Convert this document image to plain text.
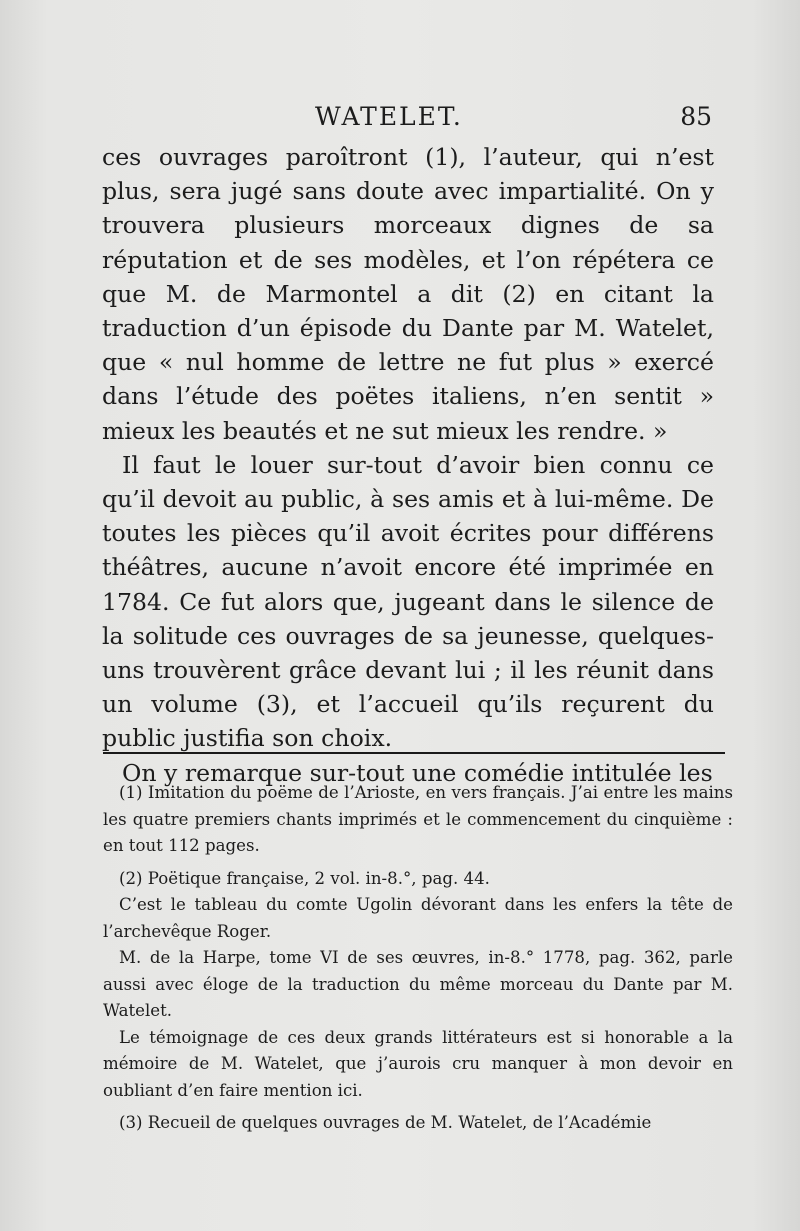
WATELET.	85

ces ouvrages paroîtront (1), l’auteur, qui n’est plus, sera jugé sans doute avec impartialité. On y trouvera plusieurs morceaux dignes de sa réputation et de ses modèles, et l’on répétera ce que M. de Marmontel a dit (2) en citant la traduction d’un épisode du Dante par M. Watelet, que « nul homme de lettre ne fut plus » exercé dans l’étude des poëtes italiens, n’en sentit » mieux les beautés et ne sut mieux les rendre. »

Il faut le louer sur-tout d’avoir bien connu ce qu’il devoit au public, à ses amis et à lui-même. De toutes les pièces qu’il avoit écrites pour différens théâtres, aucune n’avoit encore été imprimée en 1784. Ce fut alors que, jugeant dans le silence de la solitude ces ouvrages de sa jeunesse, quelques-uns trouvèrent grâce devant lui ; il les réunit dans un volume (3), et l’accueil qu’ils reçurent du public justifia son choix.

On y remarque sur-tout une comédie intitulée les

(1) Imitation du poëme de l’Arioste, en vers français. J’ai entre les mains les quatre premiers chants imprimés et le commencement du cinquième : en tout 112 pages.

(2) Poëtique française, 2 vol. in-8.°, pag. 44.

C’est le tableau du comte Ugolin dévorant dans les enfers la tête de l’archevêque Roger.

M. de la Harpe, tome VI de ses œuvres, in-8.° 1778, pag. 362, parle aussi avec éloge de la traduction du même morceau du Dante par M. Watelet.

Le témoignage de ces deux grands littérateurs est si honorable a la mémoire de M. Watelet, que j’aurois cru manquer à mon devoir en oubliant d’en faire mention ici.

(3) Recueil de quelques ouvrages de M. Watelet, de l’Académie
